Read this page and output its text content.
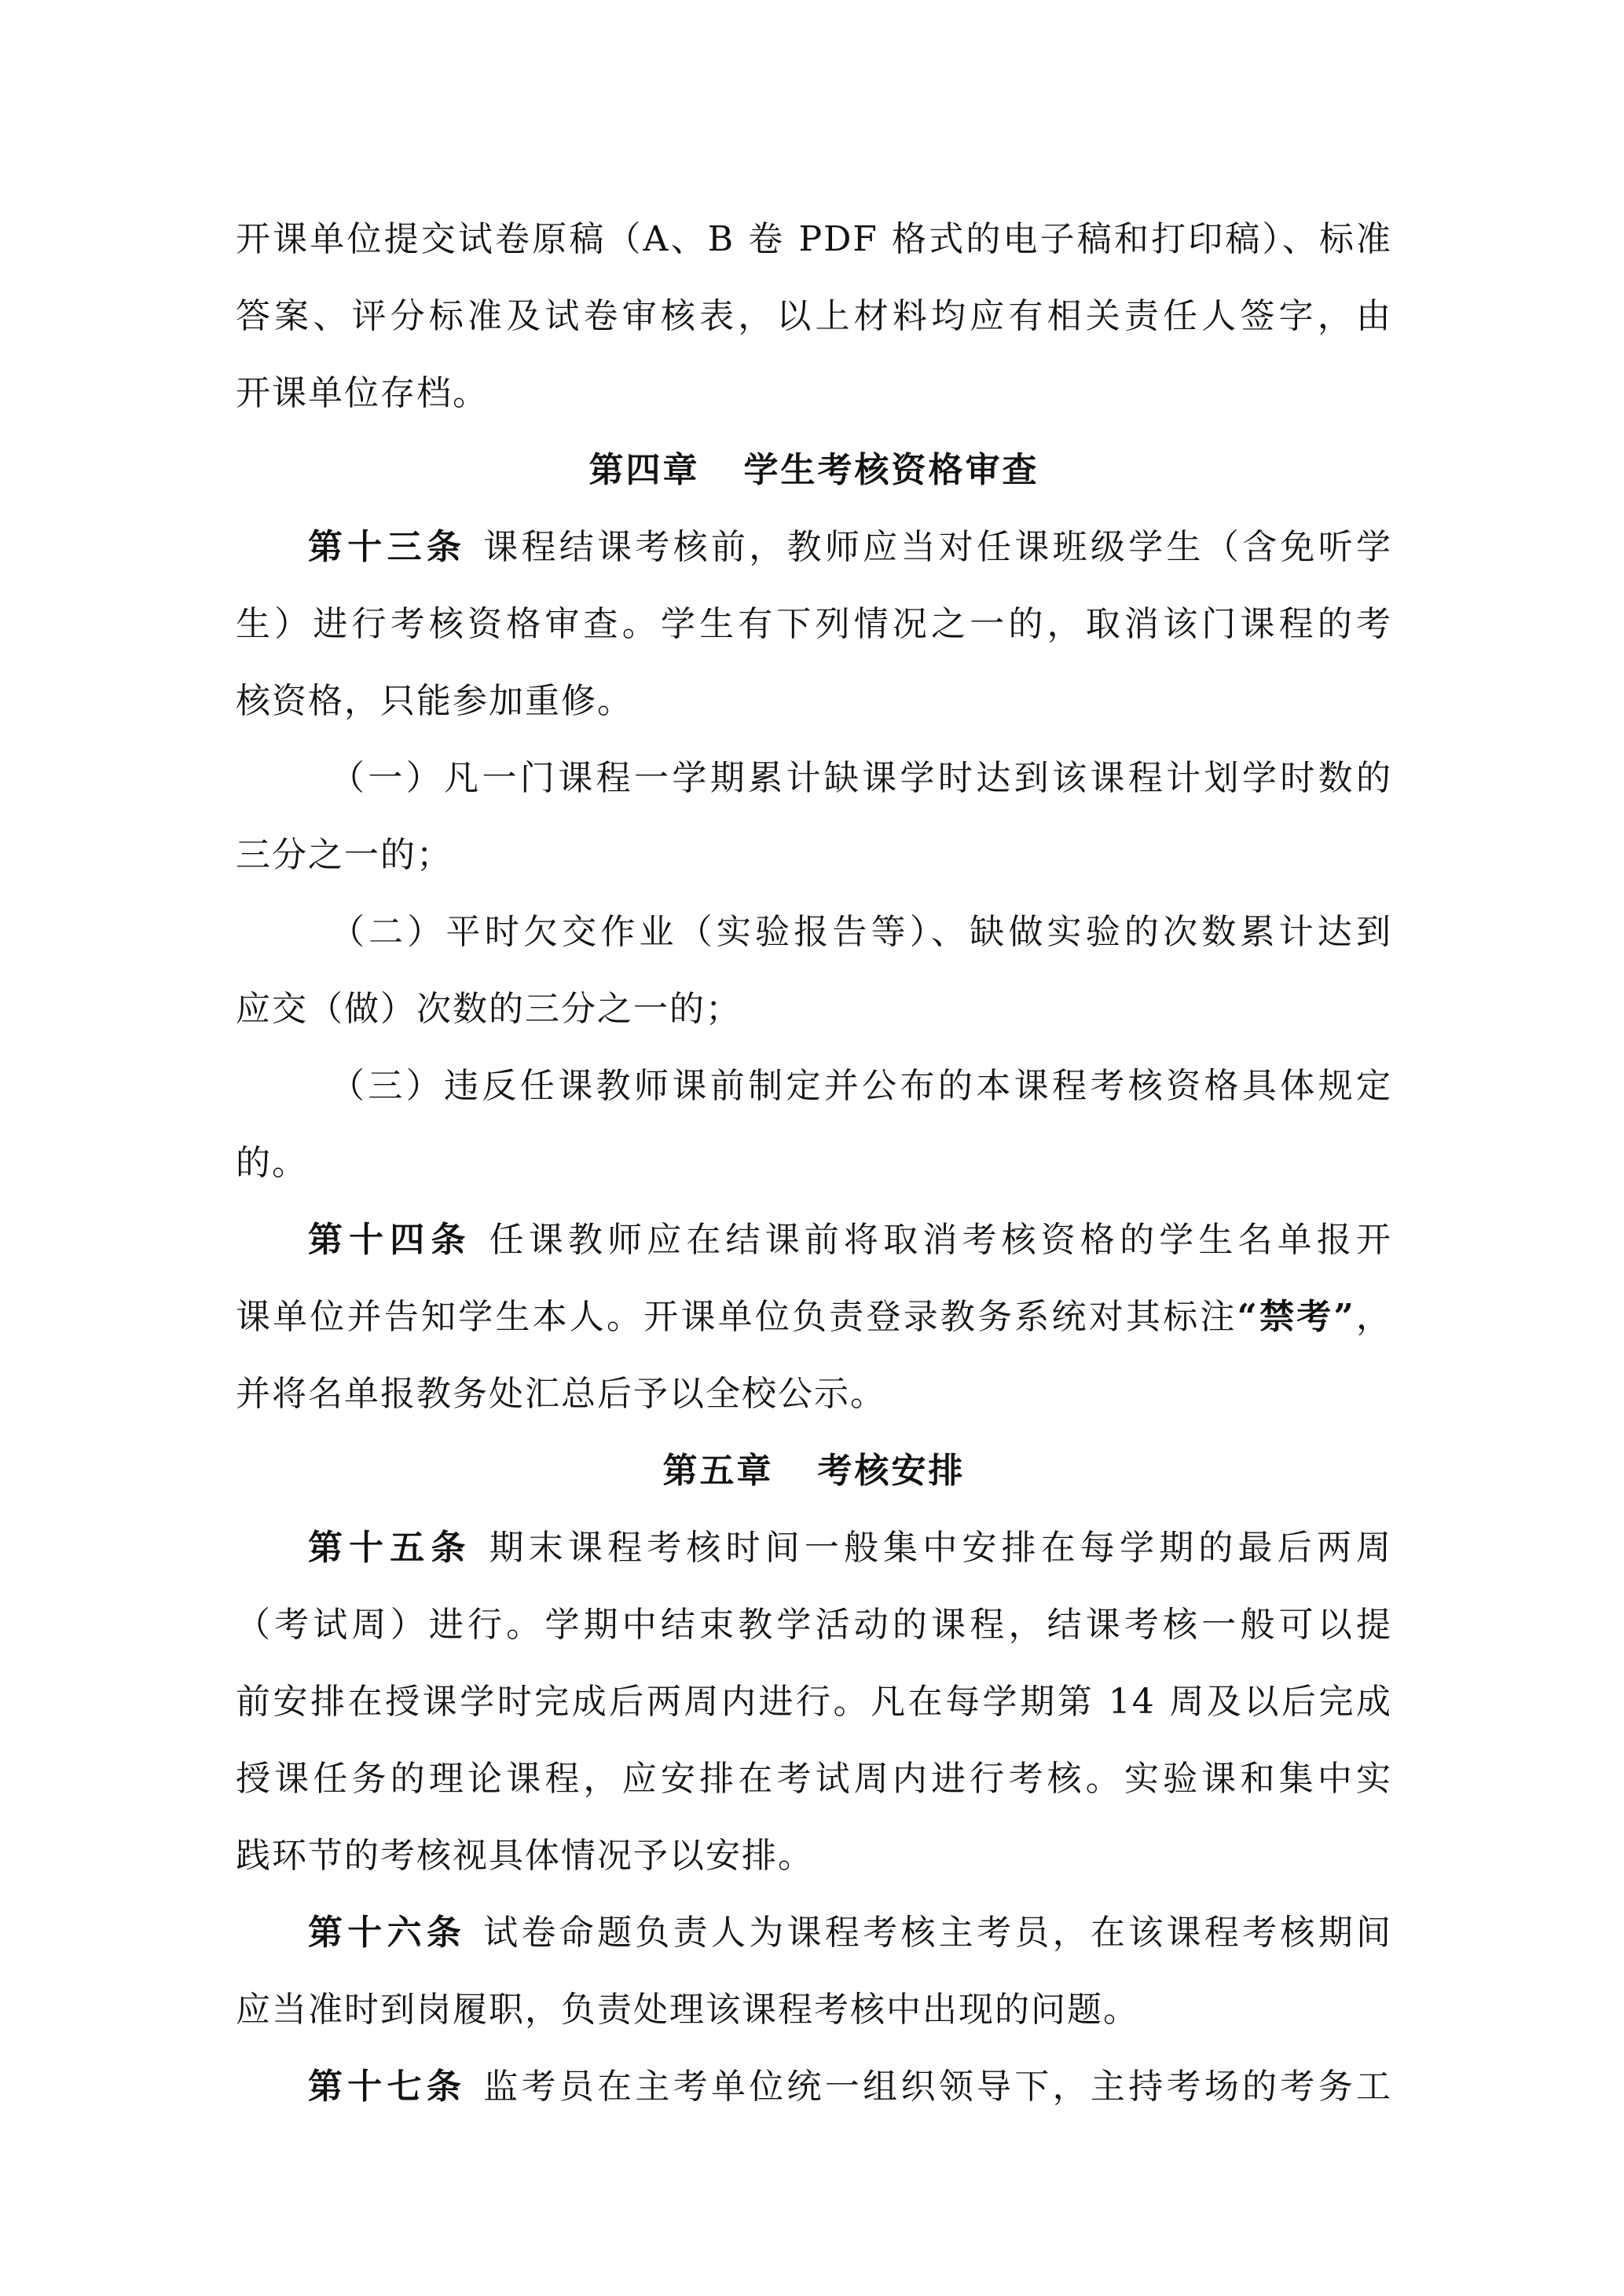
开课单位提交试卷原稿（A、B 卷 PDF 格式的电子稿和打印稿）、标准
答案、评分标准及试卷审核表，以上材料均应有相关责任人签字，由
开课单位存档。
第四章 学生考核资格审查
第十三条 课程结课考核前，教师应当对任课班级学生（含免听学
生）进行考核资格审查。学生有下列情况之一的，取消该门课程的考
核资格，只能参加重修。
（一）凡一门课程一学期累计缺课学时达到该课程计划学时数的
三分之一的；
（二）平时欠交作业（实验报告等）、缺做实验的次数累计达到
应交（做）次数的三分之一的；
（三）违反任课教师课前制定并公布的本课程考核资格具体规定
的。
第十四条 任课教师应在结课前将取消考核资格的学生名单报开
课单位并告知学生本人。开课单位负责登录教务系统对其标注“禁考”，
并将名单报教务处汇总后予以全校公示。
第五章 考核安排
第十五条 期末课程考核时间一般集中安排在每学期的最后两周
（考试周）进行。学期中结束教学活动的课程，结课考核一般可以提
前安排在授课学时完成后两周内进行。凡在每学期第 14 周及以后完成
授课任务的理论课程，应安排在考试周内进行考核。实验课和集中实
践环节的考核视具体情况予以安排。
第十六条 试卷命题负责人为课程考核主考员，在该课程考核期间
应当准时到岗履职，负责处理该课程考核中出现的问题。
第十七条 监考员在主考单位统一组织领导下，主持考场的考务工
